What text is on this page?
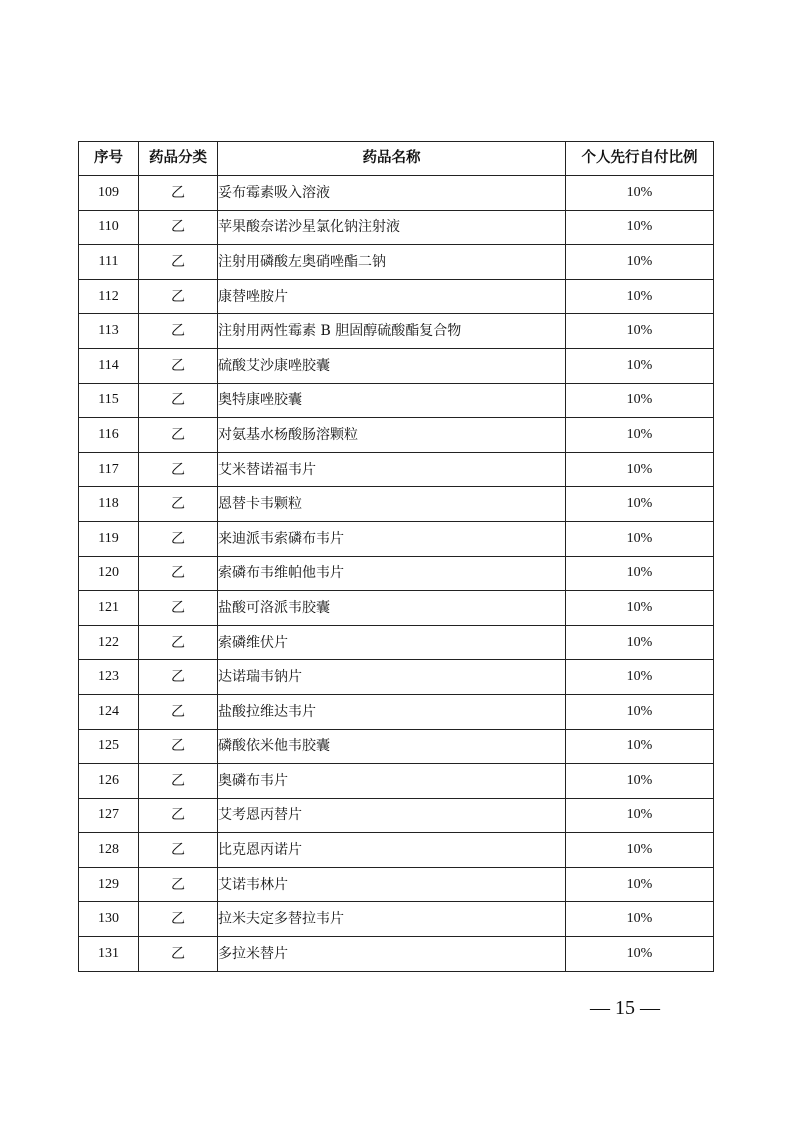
序号	药品分类	药品名称	个人先行自付比例
109	乙	妥布霉素吸入溶液	10%
110	乙	苹果酸奈诺沙星氯化钠注射液	10%
111	乙	注射用磷酸左奥硝唑酯二钠	10%
112	乙	康替唑胺片	10%
113	乙	注射用两性霉素 B 胆固醇硫酸酯复合物	10%
114	乙	硫酸艾沙康唑胶囊	10%
115	乙	奥特康唑胶囊	10%
116	乙	对氨基水杨酸肠溶颗粒	10%
117	乙	艾米替诺福韦片	10%
118	乙	恩替卡韦颗粒	10%
119	乙	来迪派韦索磷布韦片	10%
120	乙	索磷布韦维帕他韦片	10%
121	乙	盐酸可洛派韦胶囊	10%
122	乙	索磷维伏片	10%
123	乙	达诺瑞韦钠片	10%
124	乙	盐酸拉维达韦片	10%
125	乙	磷酸依米他韦胶囊	10%
126	乙	奥磷布韦片	10%
127	乙	艾考恩丙替片	10%
128	乙	比克恩丙诺片	10%
129	乙	艾诺韦林片	10%
130	乙	拉米夫定多替拉韦片	10%
131	乙	多拉米替片	10%
— 15 —
